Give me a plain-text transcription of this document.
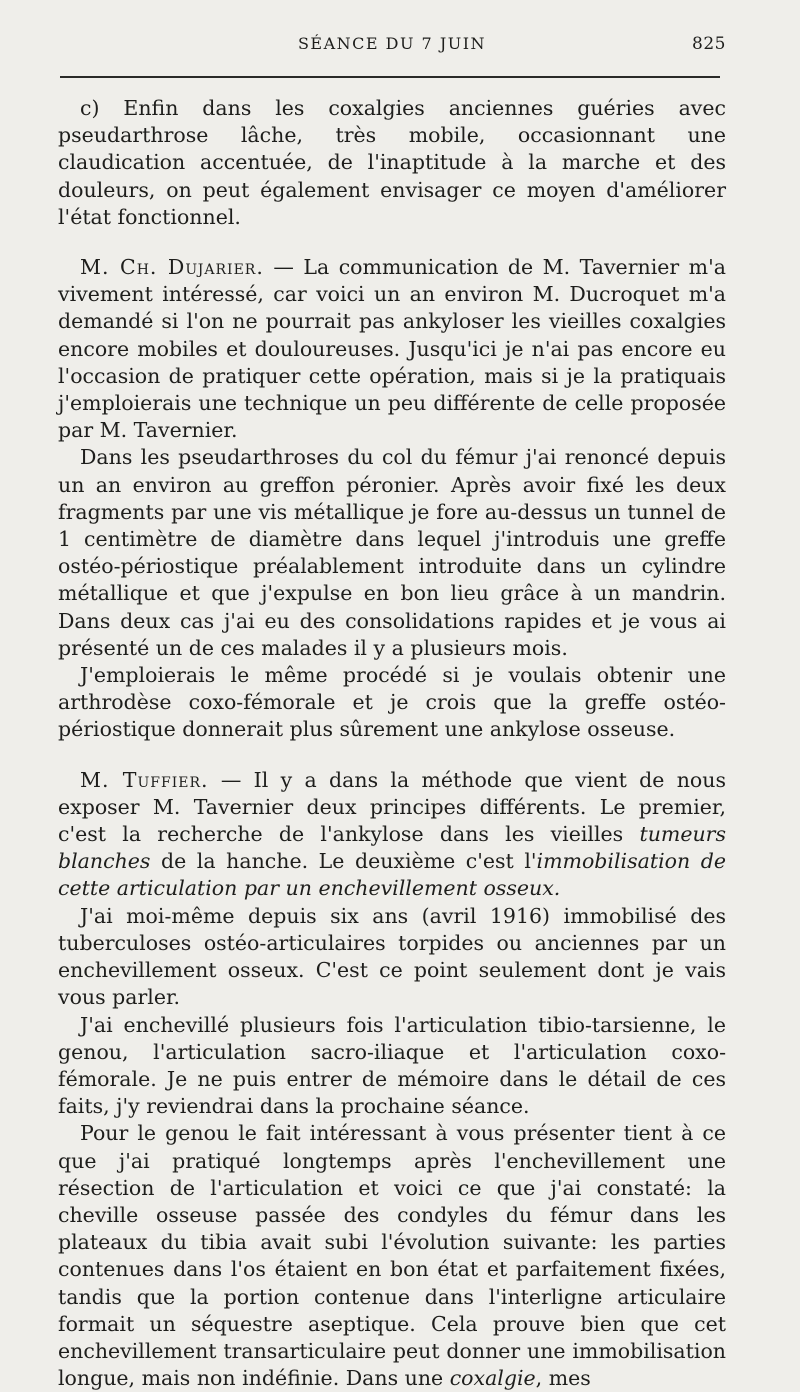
SÉANCE DU 7 JUIN	825

c) Enfin dans les coxalgies anciennes guéries avec pseudarthrose lâche, très mobile, occasionnant une claudication accentuée, de l'inaptitude à la marche et des douleurs, on peut également envisager ce moyen d'améliorer l'état fonctionnel.

M. Ch. Dujarier. — La communication de M. Tavernier m'a vivement intéressé, car voici un an environ M. Ducroquet m'a demandé si l'on ne pourrait pas ankyloser les vieilles coxalgies encore mobiles et douloureuses. Jusqu'ici je n'ai pas encore eu l'occasion de pratiquer cette opération, mais si je la pratiquais j'emploierais une technique un peu différente de celle proposée par M. Tavernier.

Dans les pseudarthroses du col du fémur j'ai renoncé depuis un an environ au greffon péronier. Après avoir fixé les deux fragments par une vis métallique je fore au-dessus un tunnel de 1 centimètre de diamètre dans lequel j'introduis une greffe ostéo-périostique préalablement introduite dans un cylindre métallique et que j'expulse en bon lieu grâce à un mandrin. Dans deux cas j'ai eu des consolidations rapides et je vous ai présenté un de ces malades il y a plusieurs mois.

J'emploierais le même procédé si je voulais obtenir une arthrodèse coxo-fémorale et je crois que la greffe ostéo-périostique donnerait plus sûrement une ankylose osseuse.

M. Tuffier. — Il y a dans la méthode que vient de nous exposer M. Tavernier deux principes différents. Le premier, c'est la recherche de l'ankylose dans les vieilles tumeurs blanches de la hanche. Le deuxième c'est l'immobilisation de cette articulation par un enchevillement osseux.

J'ai moi-même depuis six ans (avril 1916) immobilisé des tuberculoses ostéo-articulaires torpides ou anciennes par un enchevillement osseux. C'est ce point seulement dont je vais vous parler.

J'ai enchevillé plusieurs fois l'articulation tibio-tarsienne, le genou, l'articulation sacro-iliaque et l'articulation coxo-fémorale. Je ne puis entrer de mémoire dans le détail de ces faits, j'y reviendrai dans la prochaine séance.

Pour le genou le fait intéressant à vous présenter tient à ce que j'ai pratiqué longtemps après l'enchevillement une résection de l'articulation et voici ce que j'ai constaté: la cheville osseuse passée des condyles du fémur dans les plateaux du tibia avait subi l'évolution suivante: les parties contenues dans l'os étaient en bon état et parfaitement fixées, tandis que la portion contenue dans l'interligne articulaire formait un séquestre aseptique. Cela prouve bien que cet enchevillement transarticulaire peut donner une immobilisation longue, mais non indéfinie. Dans une coxalgie, mes
